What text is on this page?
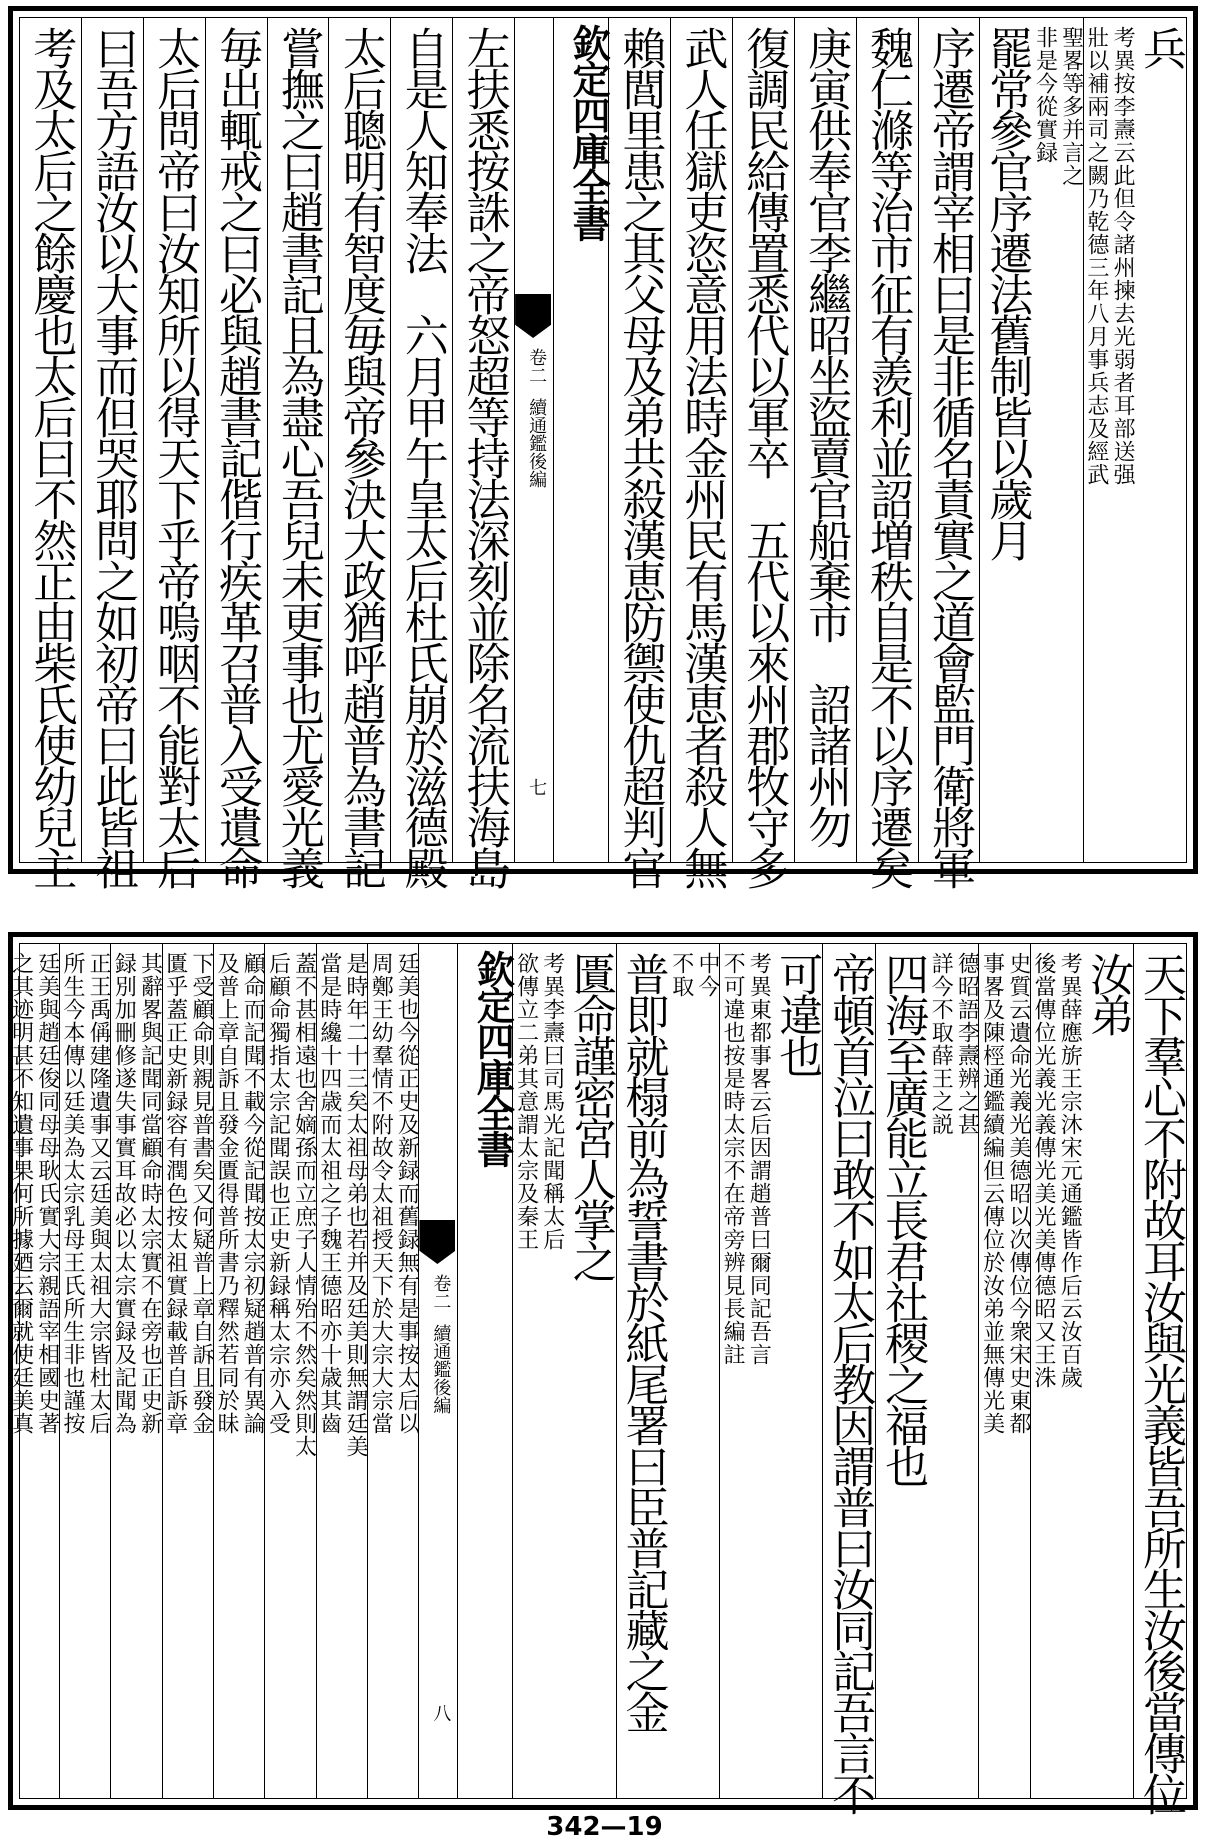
兵
考異按李燾云此但令諸州揀去光弱者耳部送强
壯以補兩司之闕乃乾德三年八月事兵志及經武
聖畧等多并言之
非是今從實録
罷常參官序遷法舊制皆以歲月
序遷帝謂宰相曰是非循名責實之道會監門衛將軍
魏仁滌等治市征有羨利並詔増秩自是不以序遷矣
庚寅供奉官李繼昭坐盜賣官船棄市　詔諸州勿
復調民給傳置悉代以軍卒　五代以來州郡牧守多
武人任獄吏恣意用法時金州民有馬漢恵者殺人無
賴閭里患之其父母及弟共殺漢恵防禦使仇超判官
欽定四庫全書
卷二
續通鑑後編
七
左扶悉按誅之帝怒超等持法深刻並除名流扶海島
自是人知奉法　六月甲午皇太后杜氏崩於滋德殿
太后聰明有智度毎與帝參決大政猶呼趙普為書記
嘗撫之曰趙書記且為盡心吾兒未更事也尤愛光義
毎出輒戒之曰必與趙書記偕行疾革召普入受遺命
太后問帝曰汝知所以得天下乎帝嗚咽不能對太后
曰吾方語汝以大事而但哭耶問之如初帝曰此皆祖
考及太后之餘慶也太后曰不然正由柴氏使幼兒主
天下羣心不附故耳汝與光義皆吾所生汝後當傳位
汝弟
考異薛應旂王宗沐宋元通鑑皆作后云汝百歲
後當傳位光義光義傳光美光美傳德昭又王洙
史質云遺命光義光美德昭以次傳位今衆宋史東都
事畧及陳桱通鑑續編但云傳位於汝弟並無傳光美
德昭語李燾辨之甚
詳今不取薛王之説
四海至廣能立長君社稷之福也
帝頓首泣曰敢不如太后教因謂普曰汝同記吾言不
可違也
考異東都事畧云后因謂趙普曰爾同記吾言
不可違也按是時太宗不在帝旁辨見長編註
中今
不取
普即就榻前為誓書於紙尾署曰臣普記藏之金
匱命謹密宮人掌之
考異李燾曰司馬光記聞稱太后
欲傳立二弟其意謂太宗及秦王
欽定四庫全書
卷二
續通鑑後編
八
廷美也今從正史及新録而舊録無有是事按太后以
周鄭王幼羣情不附故令太祖授天下於大宗大宗當
是時年二十三矣太祖母弟也若并及廷美則無謂廷美
當是時纔十四歳而太祖之子魏王德昭亦十歳其齒
蓋不甚相遠也舍嫡孫而立庶子人情殆不然矣然則太
后顧命獨指太宗記聞誤也正史新録稱太宗亦入受
顧命而記聞不載今從記聞按太宗初疑趙普有異論
及普上章自訴且發金匱得普所書乃釋然若同於昧
下受顧命則親見普書矣又何疑普上章自訴且發金
匱乎蓋正史新録容有潤色按太祖實録載普自訴章
其辭畧與記聞同當顧命時太宗實不在旁也正史新
録別加刪修遂失事實耳故必以太宗實録及記聞為
正王禹偁建隆遺事又云廷美與太祖大宗皆杜太后
所生今本傳以廷美為太宗乳母王氏所生非也謹按
廷美與趙廷俊同母母耿氏實大宗親語宰相國史著
之其迹明甚不知遺事果何所據廼云爾就使廷美真
342—19
